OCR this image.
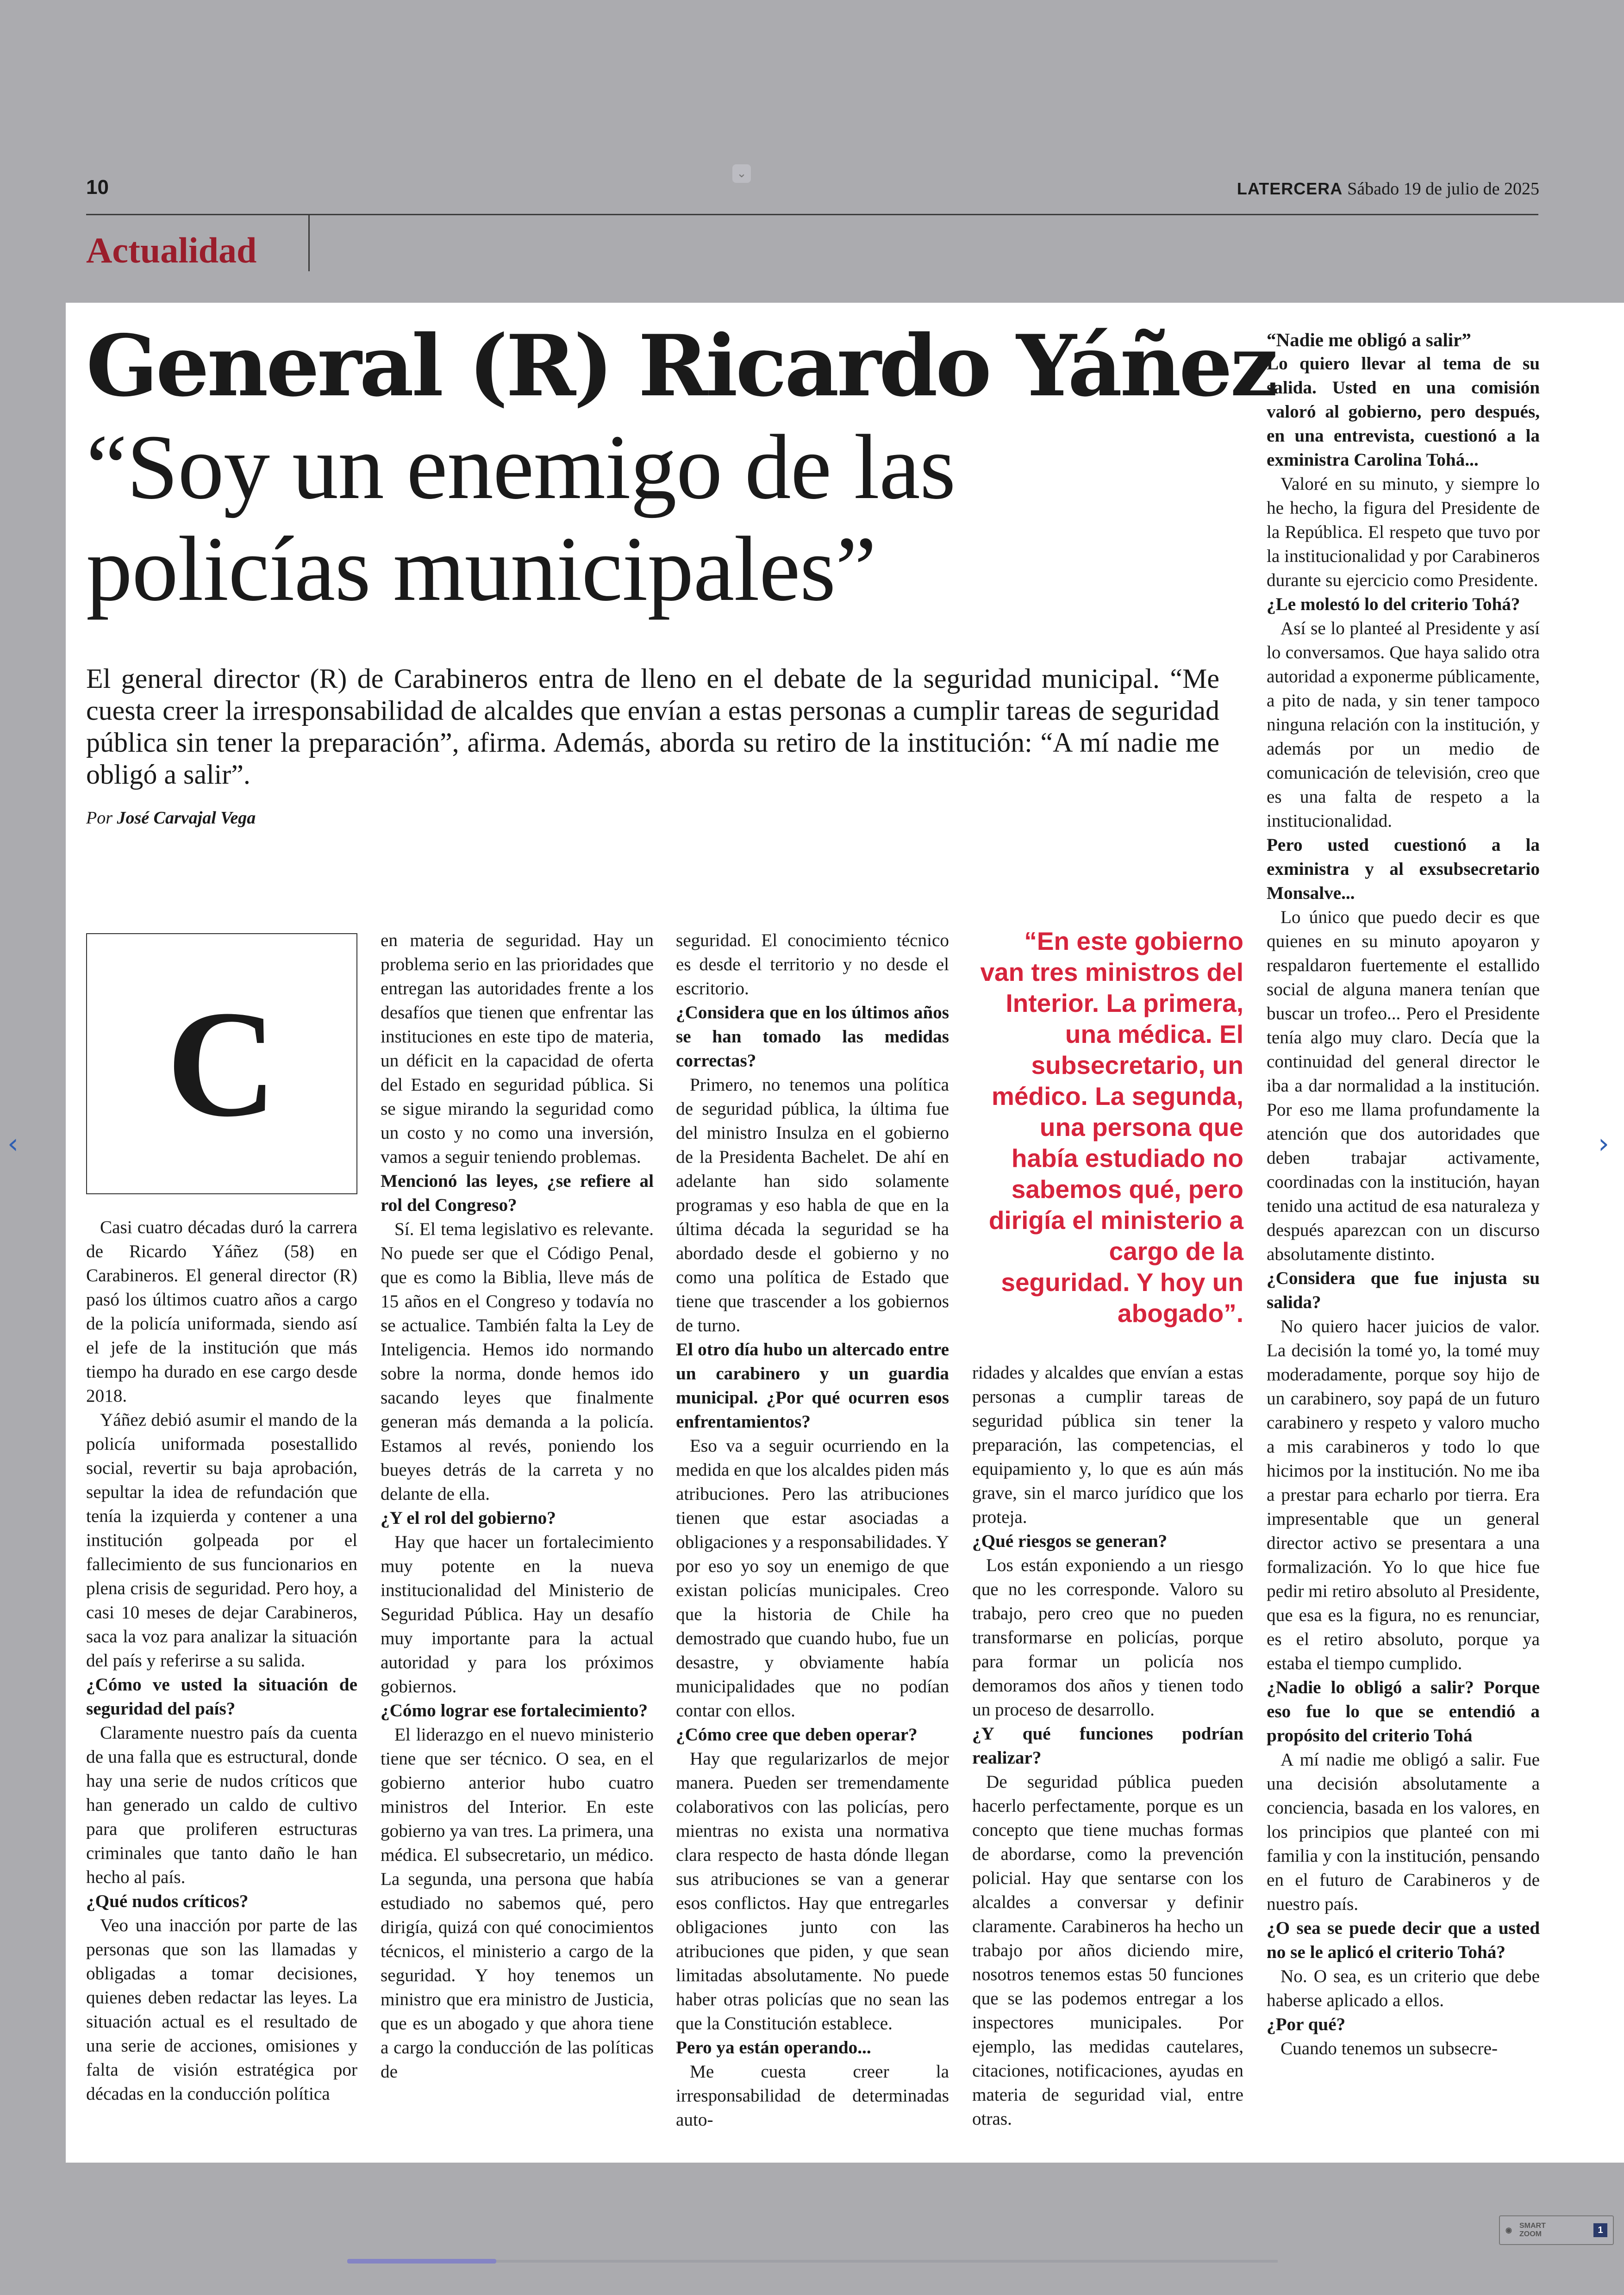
10
⌄
LATERCERA Sábado 19 de julio de 2025
Actualidad
General (R) Ricardo Yáñez
“Soy un enemigo de las
policías municipales”
El general director (R) de Carabineros entra de lleno en el debate de la seguridad municipal. “Me cuesta creer la irresponsabilidad de alcaldes que envían a estas personas a cumplir tareas de seguridad pública sin tener la preparación”, afirma. Además, aborda su retiro de la institución: “A mí nadie me obligó a salir”.
Por José Carvajal Vega
C

Casi cuatro décadas duró la carrera de Ricardo Yáñez (58) en Carabineros. El general director (R) pasó los últimos cuatro años a cargo de la policía uniformada, siendo así el jefe de la institución que más tiempo ha durado en ese cargo desde 2018.

Yáñez debió asumir el mando de la policía uniformada posestallido social, revertir su baja aprobación, sepultar la idea de refundación que tenía la izquierda y contener a una institución golpeada por el fallecimiento de sus funcionarios en plena crisis de seguridad. Pero hoy, a casi 10 meses de dejar Carabineros, saca la voz para analizar la situación del país y referirse a su salida.

¿Cómo ve usted la situación de seguridad del país?

Claramente nuestro país da cuenta de una falla que es estructural, donde hay una serie de nudos críticos que han generado un caldo de cultivo para que proliferen estructuras criminales que tanto daño le han hecho al país.

¿Qué nudos críticos?

Veo una inacción por parte de las personas que son las llamadas y obligadas a tomar decisiones, quienes deben redactar las leyes. La situación actual es el resultado de una serie de acciones, omisiones y falta de visión estratégica por décadas en la conducción política

en materia de seguridad. Hay un problema serio en las prioridades que entregan las autoridades frente a los desafíos que tienen que enfrentar las instituciones en este tipo de materia, un déficit en la capacidad de oferta del Estado en seguridad pública. Si se sigue mirando la seguridad como un costo y no como una inversión, vamos a seguir teniendo problemas.

Mencionó las leyes, ¿se refiere al rol del Congreso?

Sí. El tema legislativo es relevante. No puede ser que el Código Penal, que es como la Biblia, lleve más de 15 años en el Congreso y todavía no se actualice. También falta la Ley de Inteligencia. Hemos ido normando sobre la norma, donde hemos ido sacando leyes que finalmente generan más demanda a la policía. Estamos al revés, poniendo los bueyes detrás de la carreta y no delante de ella.

¿Y el rol del gobierno?

Hay que hacer un fortalecimiento muy potente en la nueva institucionalidad del Ministerio de Seguridad Pública. Hay un desafío muy importante para la actual autoridad y para los próximos gobiernos.

¿Cómo lograr ese fortalecimiento?

El liderazgo en el nuevo ministerio tiene que ser técnico. O sea, en el gobierno anterior hubo cuatro ministros del Interior. En este gobierno ya van tres. La primera, una médica. El subsecretario, un médico. La segunda, una persona que había estudiado no sabemos qué, pero dirigía, quizá con qué conocimientos técnicos, el ministerio a cargo de la seguridad. Y hoy tenemos un ministro que era ministro de Justicia, que es un abogado y que ahora tiene a cargo la conducción de las políticas de

seguridad. El conocimiento técnico es desde el territorio y no desde el escritorio.

¿Considera que en los últimos años se han tomado las medidas correctas?

Primero, no tenemos una política de seguridad pública, la última fue del ministro Insulza en el gobierno de la Presidenta Bachelet. De ahí en adelante han sido solamente programas y eso habla de que en la última década la seguridad se ha abordado desde el gobierno y no como una política de Estado que tiene que trascender a los gobiernos de turno.

El otro día hubo un altercado entre un carabinero y un guardia municipal. ¿Por qué ocurren esos enfrentamientos?

Eso va a seguir ocurriendo en la medida en que los alcaldes piden más atribuciones. Pero las atribuciones tienen que estar asociadas a obligaciones y a responsabilidades. Y por eso yo soy un enemigo de que existan policías municipales. Creo que la historia de Chile ha demostrado que cuando hubo, fue un desastre, y obviamente había municipalidades que no podían contar con ellos.

¿Cómo cree que deben operar?

Hay que regularizarlos de mejor manera. Pueden ser tremendamente colaborativos con las policías, pero mientras no exista una normativa clara respecto de hasta dónde llegan sus atribuciones se van a generar esos conflictos. Hay que entregarles obligaciones junto con las atribuciones que piden, y que sean limitadas absolutamente. No puede haber otras policías que no sean las que la Constitución establece.

Pero ya están operando...

Me cuesta creer la irresponsabilidad de determinadas auto-

“En este gobierno van tres ministros del Interior. La primera, una médica. El subsecretario, un médico. La segunda, una persona que había estudiado no sabemos qué, pero dirigía el ministerio a cargo de la seguridad. Y hoy un abogado”.

ridades y alcaldes que envían a estas personas a cumplir tareas de seguridad pública sin tener la preparación, las competencias, el equipamiento y, lo que es aún más grave, sin el marco jurídico que los proteja.

¿Qué riesgos se generan?

Los están exponiendo a un riesgo que no les corresponde. Valoro su trabajo, pero creo que no pueden transformarse en policías, porque para formar un policía nos demoramos dos años y tienen todo un proceso de desarrollo.

¿Y qué funciones podrían realizar?

De seguridad pública pueden hacerlo perfectamente, porque es un concepto que tiene muchas formas de abordarse, como la prevención policial. Hay que sentarse con los alcaldes a conversar y definir claramente. Carabineros ha hecho un trabajo por años diciendo mire, nosotros tenemos estas 50 funciones que se las podemos entregar a los inspectores municipales. Por ejemplo, las medidas cautelares, citaciones, notificaciones, ayudas en materia de seguridad vial, entre otras.

“Nadie me obligó a salir”

Lo quiero llevar al tema de su salida. Usted en una comisión valoró al gobierno, pero después, en una entrevista, cuestionó a la exministra Carolina Tohá...

Valoré en su minuto, y siempre lo he hecho, la figura del Presidente de la República. El respeto que tuvo por la institucionalidad y por Carabineros durante su ejercicio como Presidente.

¿Le molestó lo del criterio Tohá?

Así se lo planteé al Presidente y así lo conversamos. Que haya salido otra autoridad a exponerme públicamente, a pito de nada, y sin tener tampoco ninguna relación con la institución, y además por un medio de comunicación de televisión, creo que es una falta de respeto a la institucionalidad.

Pero usted cuestionó a la exministra y al exsubsecretario Monsalve...

Lo único que puedo decir es que quienes en su minuto apoyaron y respaldaron fuertemente el estallido social de alguna manera tenían que buscar un trofeo... Pero el Presidente tenía algo muy claro. Decía que la continuidad del general director le iba a dar normalidad a la institución. Por eso me llama profundamente la atención que dos autoridades que deben trabajar activamente, coordinadas con la institución, hayan tenido una actitud de esa naturaleza y después aparezcan con un discurso absolutamente distinto.

¿Considera que fue injusta su salida?

No quiero hacer juicios de valor. La decisión la tomé yo, la tomé muy moderadamente, porque soy hijo de un carabinero, soy papá de un futuro carabinero y respeto y valoro mucho a mis carabineros y todo lo que hicimos por la institución. No me iba a prestar para echarlo por tierra. Era impresentable que un general director activo se presentara a una formalización. Yo lo que hice fue pedir mi retiro absoluto al Presidente, que esa es la figura, no es renunciar, es el retiro absoluto, porque ya estaba el tiempo cumplido.

¿Nadie lo obligó a salir? Porque eso fue lo que se entendió a propósito del criterio Tohá

A mí nadie me obligó a salir. Fue una decisión absolutamente a conciencia, basada en los valores, en los principios que planteé con mi familia y con la institución, pensando en el futuro de Carabineros y de nuestro país.

¿O sea se puede decir que a usted no se le aplicó el criterio Tohá?

No. O sea, es un criterio que debe haberse aplicado a ellos.

¿Por qué?

Cuando tenemos un subsecre-

‹	›
◉
SMART
ZOOM	1
